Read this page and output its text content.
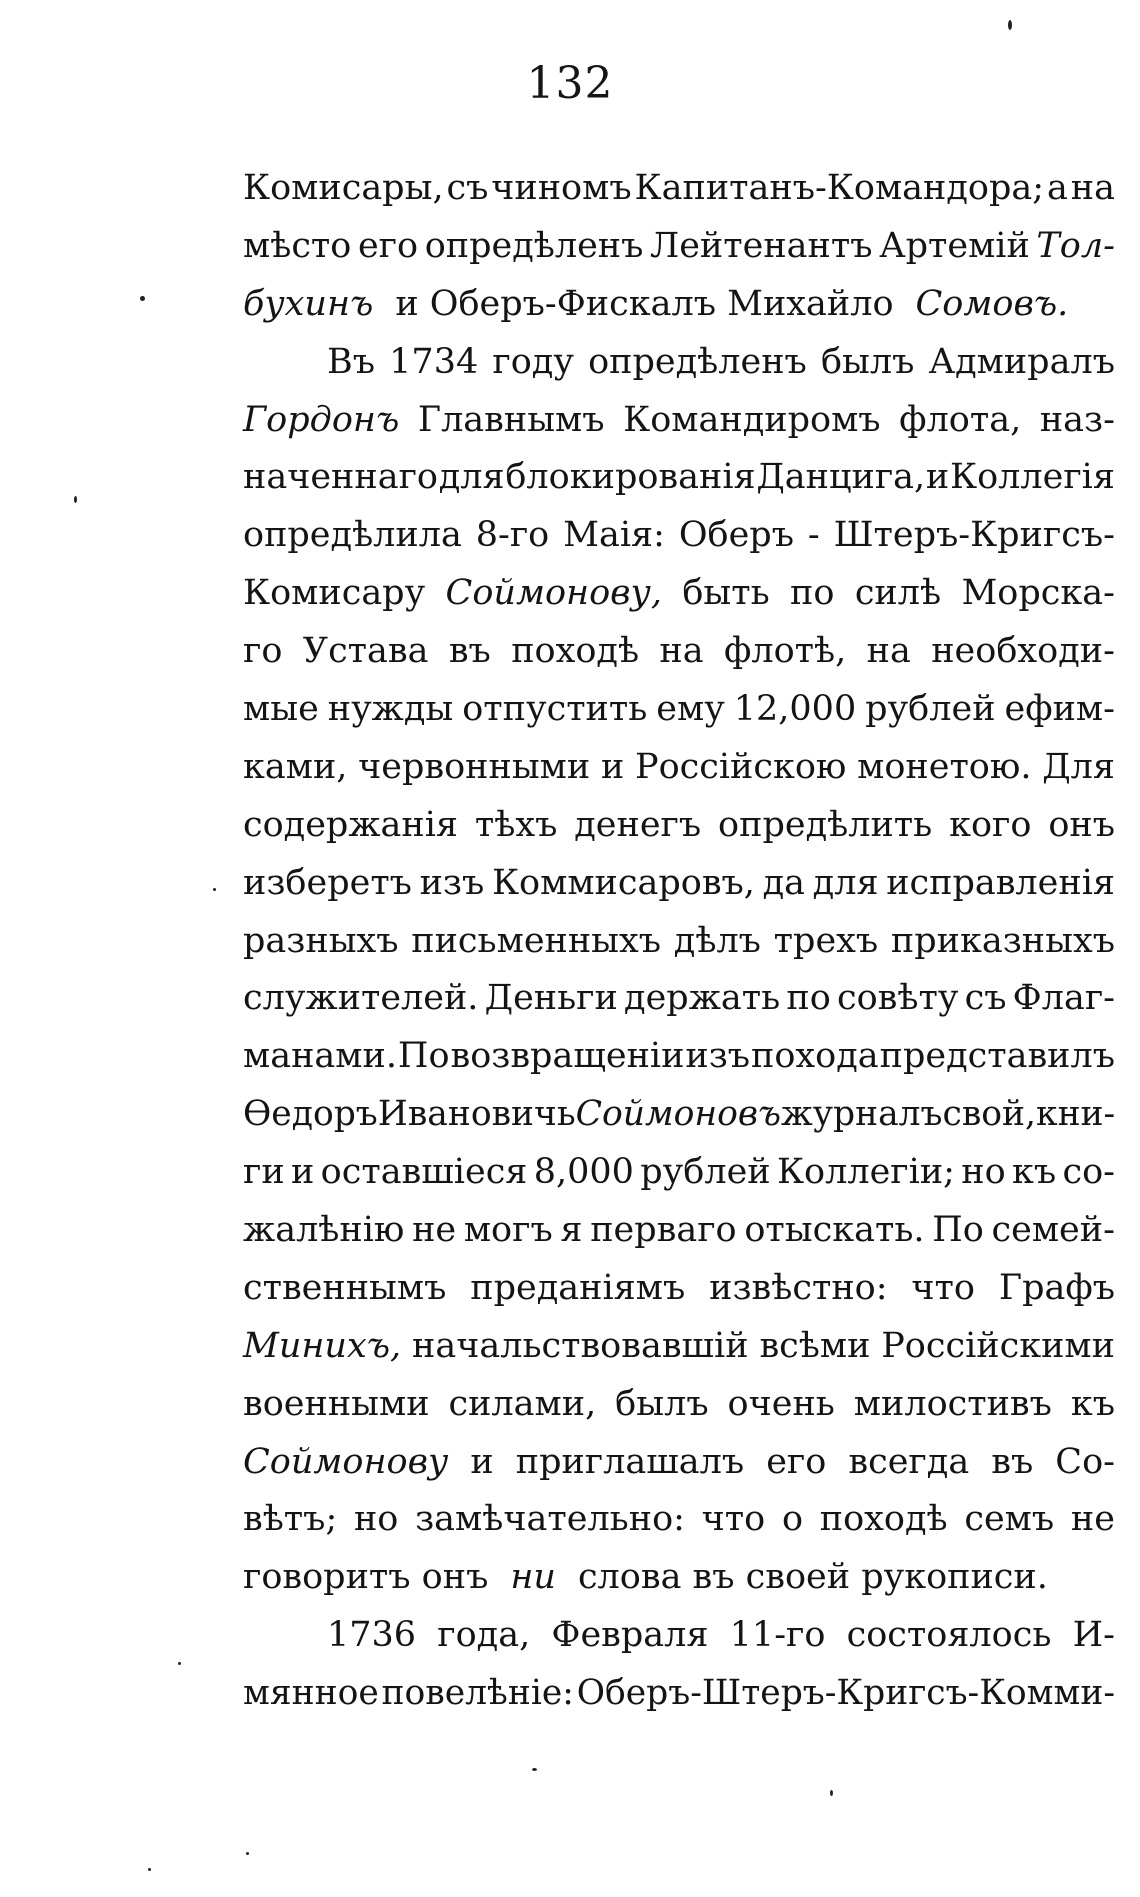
132
Комисары, съ чиномъ Капитанъ-Командора; а на
мѣсто его опредѣленъ Лейтенантъ Артемій Тол-
бухинъ и Оберъ-Фискалъ Михайло Сомовъ.
Въ 1734 году опредѣленъ былъ Адмиралъ
Гордонъ Главнымъ Командиромъ флота, наз-
наченнаго для блокированія Данцига, и Коллегія
опредѣлила 8-го Маія: Оберъ - Штеръ-Кригсъ-
Комисару Соймонову, быть по силѣ Морска-
го Устава въ походѣ на флотѣ, на необходи-
мые нужды отпустить ему 12,000 рублей ефим-
ками, червонными и Россійскою монетою. Для
содержанія тѣхъ денегъ опредѣлить кого онъ
изберетъ изъ Коммисаровъ, да для исправленія
разныхъ письменныхъ дѣлъ трехъ приказныхъ
служителей. Деньги держать по совѣту съ Флаг-
манами. По возвращеніи изъ похода представилъ
Ѳедоръ Ивановичь Соймоновъ журналъ свой, кни-
ги и оставшіеся 8,000 рублей Коллегіи; но къ со-
жалѣнію не могъ я перваго отыскать. По семей-
ственнымъ преданіямъ извѣстно: что Графъ
Минихъ, начальствовавшій всѣми Россійскими
военными силами, былъ очень милостивъ къ
Соймонову и приглашалъ его всегда въ Со-
вѣтъ; но замѣчательно: что о походѣ семъ не
говоритъ онъ ни слова въ своей рукописи.
1736 года, Февраля 11-го состоялось И-
мянное повелѣніе: Оберъ-Штеръ-Кригсъ-Комми-
